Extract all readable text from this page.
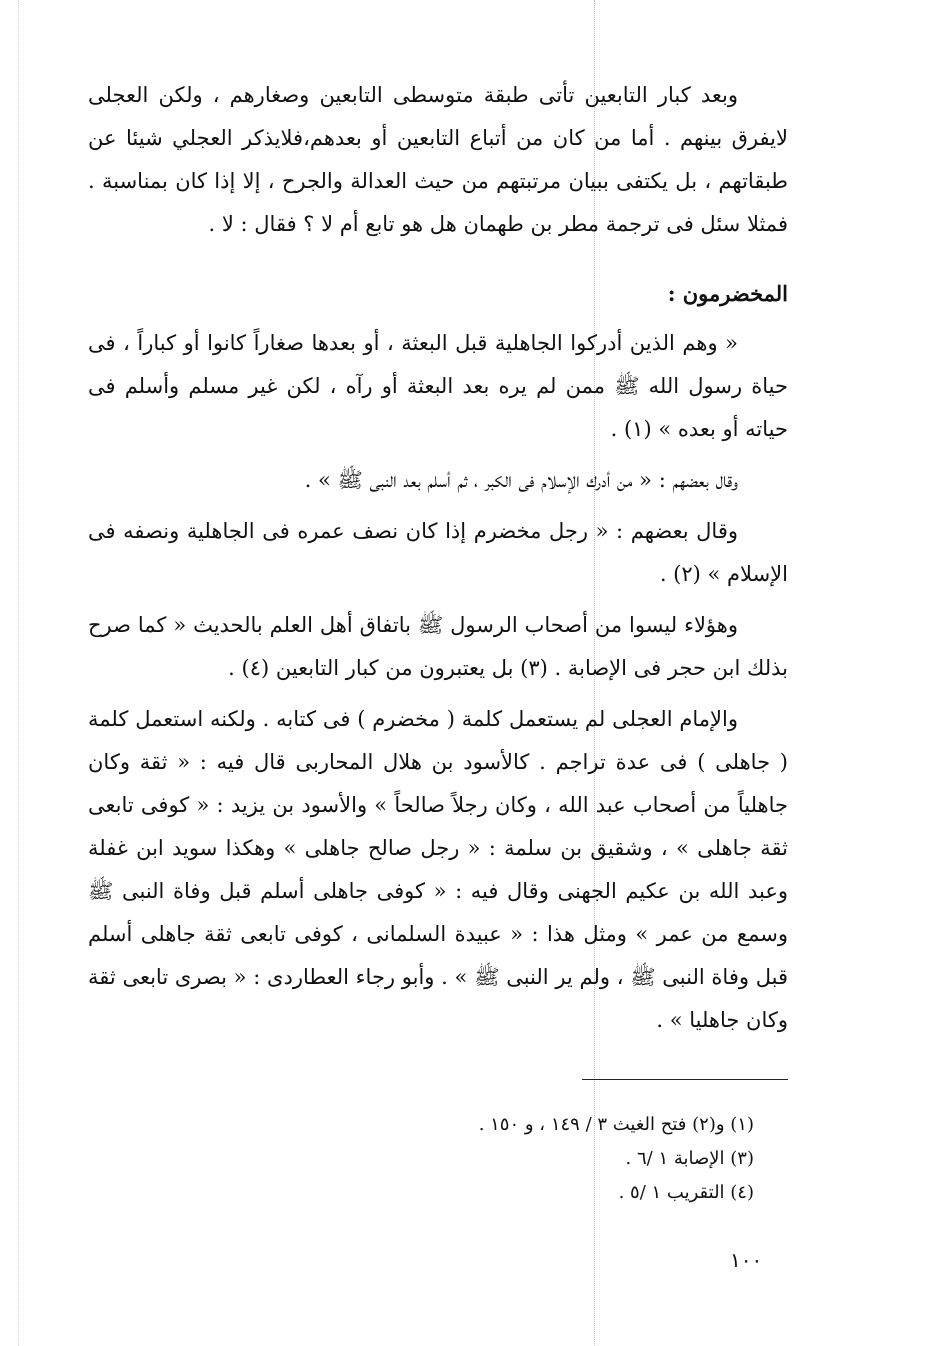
وبعد كبار التابعين تأتى طبقة متوسطى التابعين وصغارهم ، ولكن العجلى لايفرق بينهم . أما من كان من أتباع التابعين أو بعدهم،فلايذكر العجلي شيئا عن طبقاتهم ، بل يكتفى ببيان مرتبتهم من حيث العدالة والجرح ، إلا إذا كان بمناسبة . فمثلا سئل فى ترجمة مطر بن طهمان هل هو تابع أم لا ؟ فقال : لا .

المخضرمون :

« وهم الذين أدركوا الجاهلية قبل البعثة ، أو بعدها صغاراً كانوا أو كباراً ، فى حياة رسول الله ﷺ ممن لم يره بعد البعثة أو رآه ، لكن غير مسلم وأسلم فى حياته أو بعده » (١) .

وقال بعضهم : « من أدرك الإسلام فى الكبر ، ثم أسلم بعد النبى ﷺ » .

وقال بعضهم : « رجل مخضرم إذا كان نصف عمره فى الجاهلية ونصفه فى الإسلام » (٢) .

وهؤلاء ليسوا من أصحاب الرسول ﷺ باتفاق أهل العلم بالحديث « كما صرح بذلك ابن حجر فى الإصابة . (٣) بل يعتبرون من كبار التابعين (٤) .

والإمام العجلى لم يستعمل كلمة ( مخضرم ) فى كتابه . ولكنه استعمل كلمة ( جاهلى ) فى عدة تراجم . كالأسود بن هلال المحاربى قال فيه : « ثقة وكان جاهلياً من أصحاب عبد الله ، وكان رجلاً صالحاً » والأسود بن يزيد : « كوفى تابعى ثقة جاهلى » ، وشقيق بن سلمة : « رجل صالح جاهلى » وهكذا سويد ابن غفلة وعبد الله بن عكيم الجهنى وقال فيه : « كوفى جاهلى أسلم قبل وفاة النبى ﷺ وسمع من عمر » ومثل هذا : « عبيدة السلمانى ، كوفى تابعى ثقة جاهلى أسلم قبل وفاة النبى ﷺ ، ولم ير النبى ﷺ » . وأبو رجاء العطاردى : « بصرى تابعى ثقة وكان جاهليا » .

(١) و(٢) فتح الغيث ٣ / ١٤٩ ، و ١٥٠ .
(٣) الإصابة ١ /٦ .
(٤) التقريب ١ /٥ .
١٠٠
